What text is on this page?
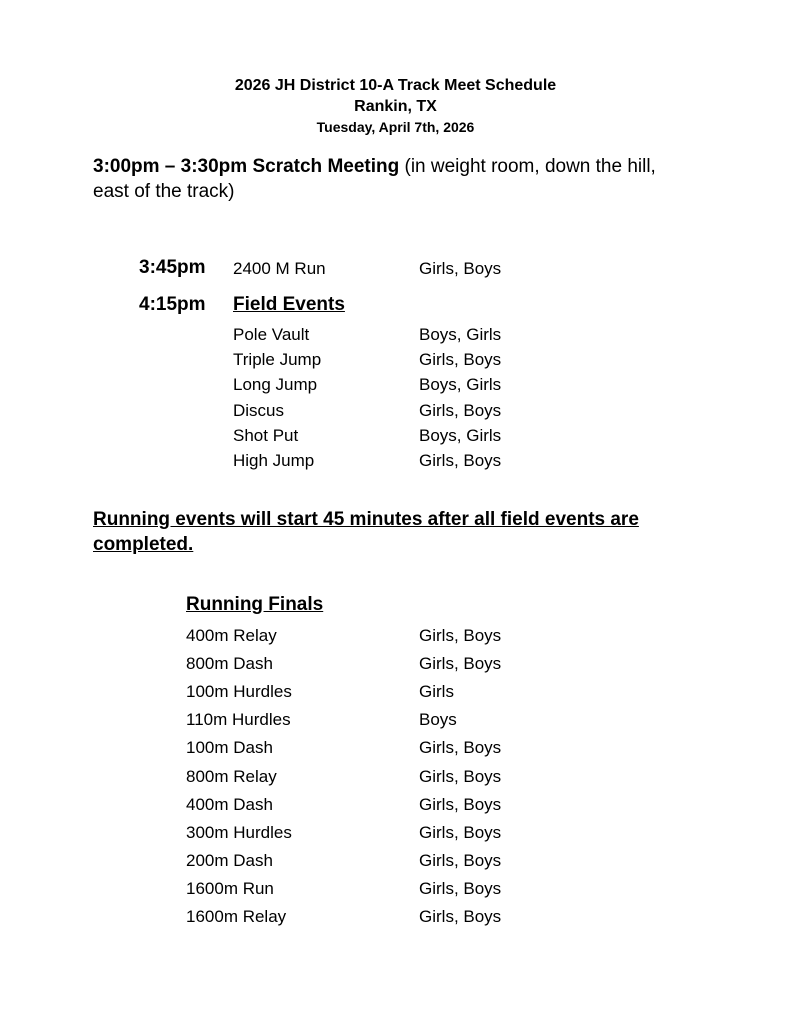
2026 JH District 10-A Track Meet Schedule
Rankin, TX
Tuesday, April 7th, 2026
3:00pm – 3:30pm Scratch Meeting (in weight room, down the hill, east of the track)
3:45pm 2400 M Run	Girls, Boys
4:15pm Field Events
Pole Vault	Boys, Girls
Triple Jump	Girls, Boys
Long Jump	Boys, Girls
Discus	Girls, Boys
Shot Put	Boys, Girls
High Jump	Girls, Boys
Running events will start 45 minutes after all field events are completed.
Running Finals
400m Relay	Girls, Boys
800m Dash	Girls, Boys
100m Hurdles	Girls
110m Hurdles	Boys
100m Dash	Girls, Boys
800m Relay	Girls, Boys
400m Dash	Girls, Boys
300m Hurdles	Girls, Boys
200m Dash	Girls, Boys
1600m Run	Girls, Boys
1600m Relay	Girls, Boys
